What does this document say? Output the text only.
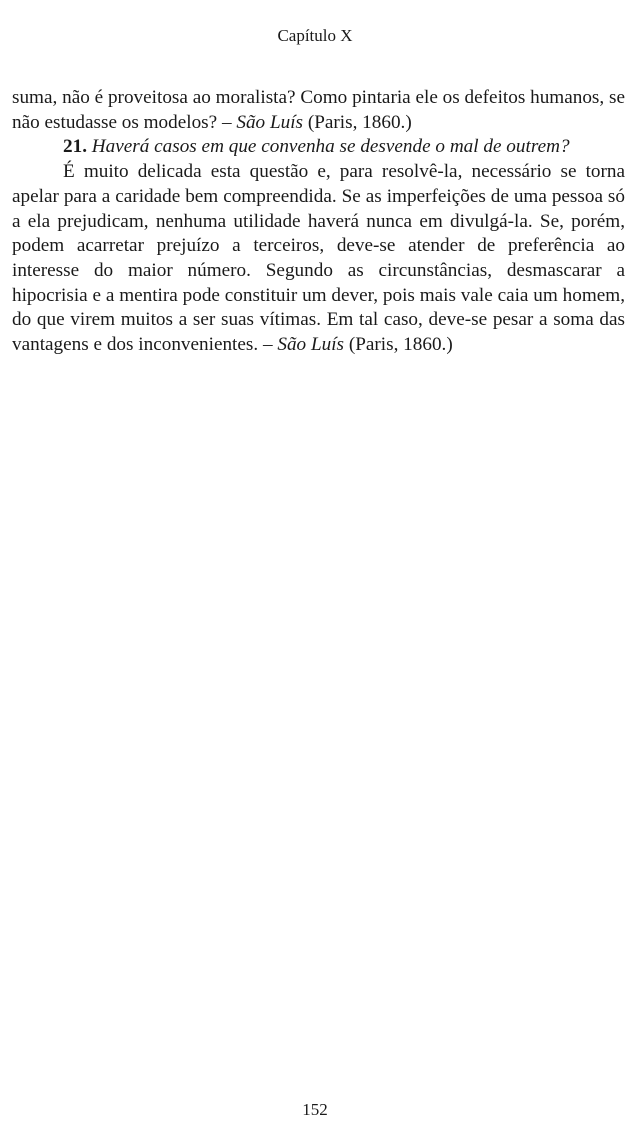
Capítulo X

suma, não é proveitosa ao moralista? Como pintaria ele os defeitos humanos, se não estudasse os modelos? – São Luís (Paris, 1860.)

21. Haverá casos em que convenha se desvende o mal de outrem?

É muito delicada esta questão e, para resolvê-la, necessário se torna apelar para a caridade bem compreendida. Se as imperfeições de uma pessoa só a ela prejudicam, nenhuma utilidade haverá nunca em divulgá-la. Se, porém, podem acarretar prejuízo a terceiros, deve-se atender de preferência ao interesse do maior número. Segundo as circunstâncias, desmascarar a hipocrisia e a mentira pode constituir um dever, pois mais vale caia um homem, do que virem muitos a ser suas vítimas. Em tal caso, deve-se pesar a soma das vantagens e dos inconvenientes. – São Luís (Paris, 1860.)

152
